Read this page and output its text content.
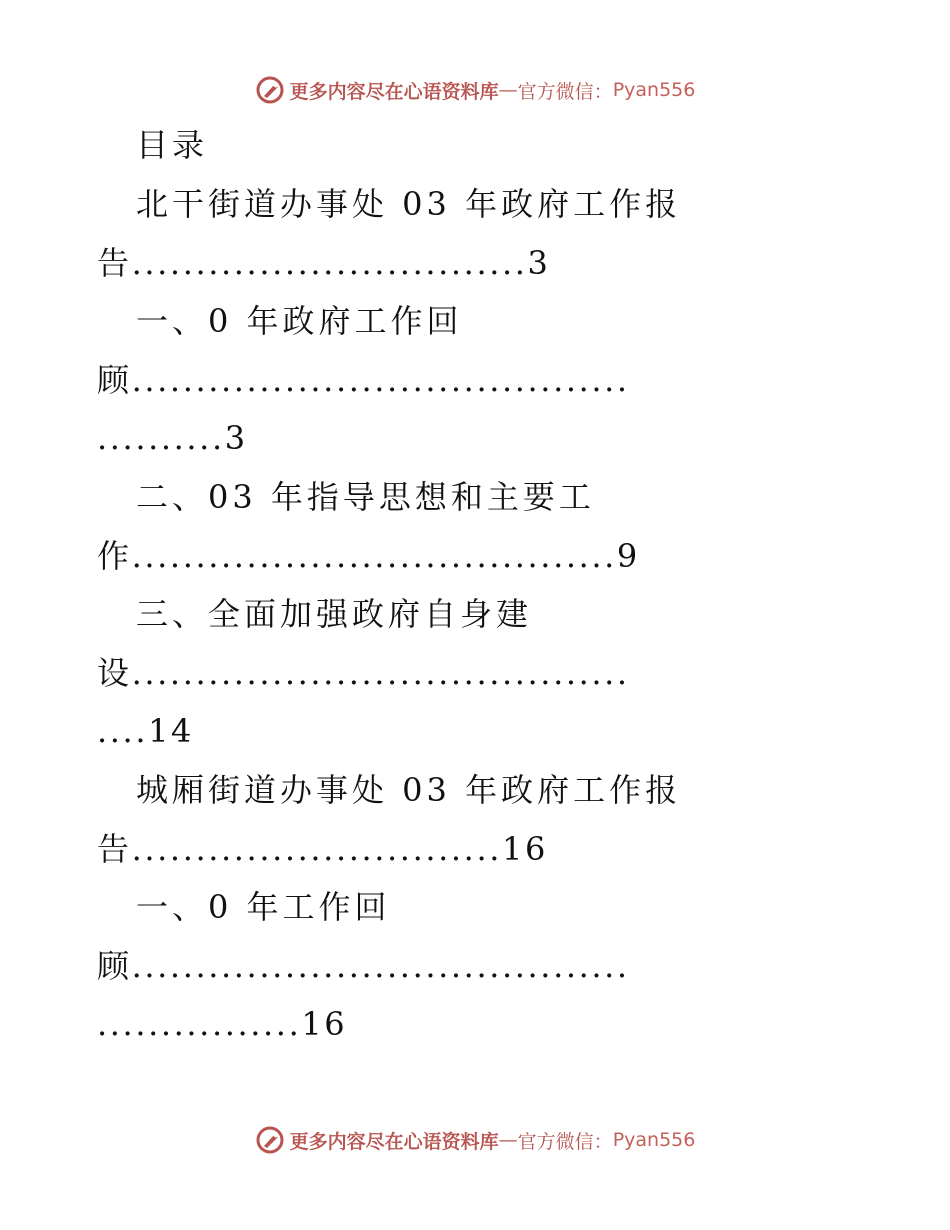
更多内容尽在心语资料库 — 官方微信： Pyan556
目录
北干街道办事处 03 年政府工作报
告...............................3
一、0 年政府工作回
顾.......................................
..........3
二、03 年指导思想和主要工
作......................................9
三、全面加强政府自身建
设.......................................
....14
城厢街道办事处 03 年政府工作报
告.............................16
一、0 年工作回
顾.......................................
................16
更多内容尽在心语资料库 — 官方微信： Pyan556
